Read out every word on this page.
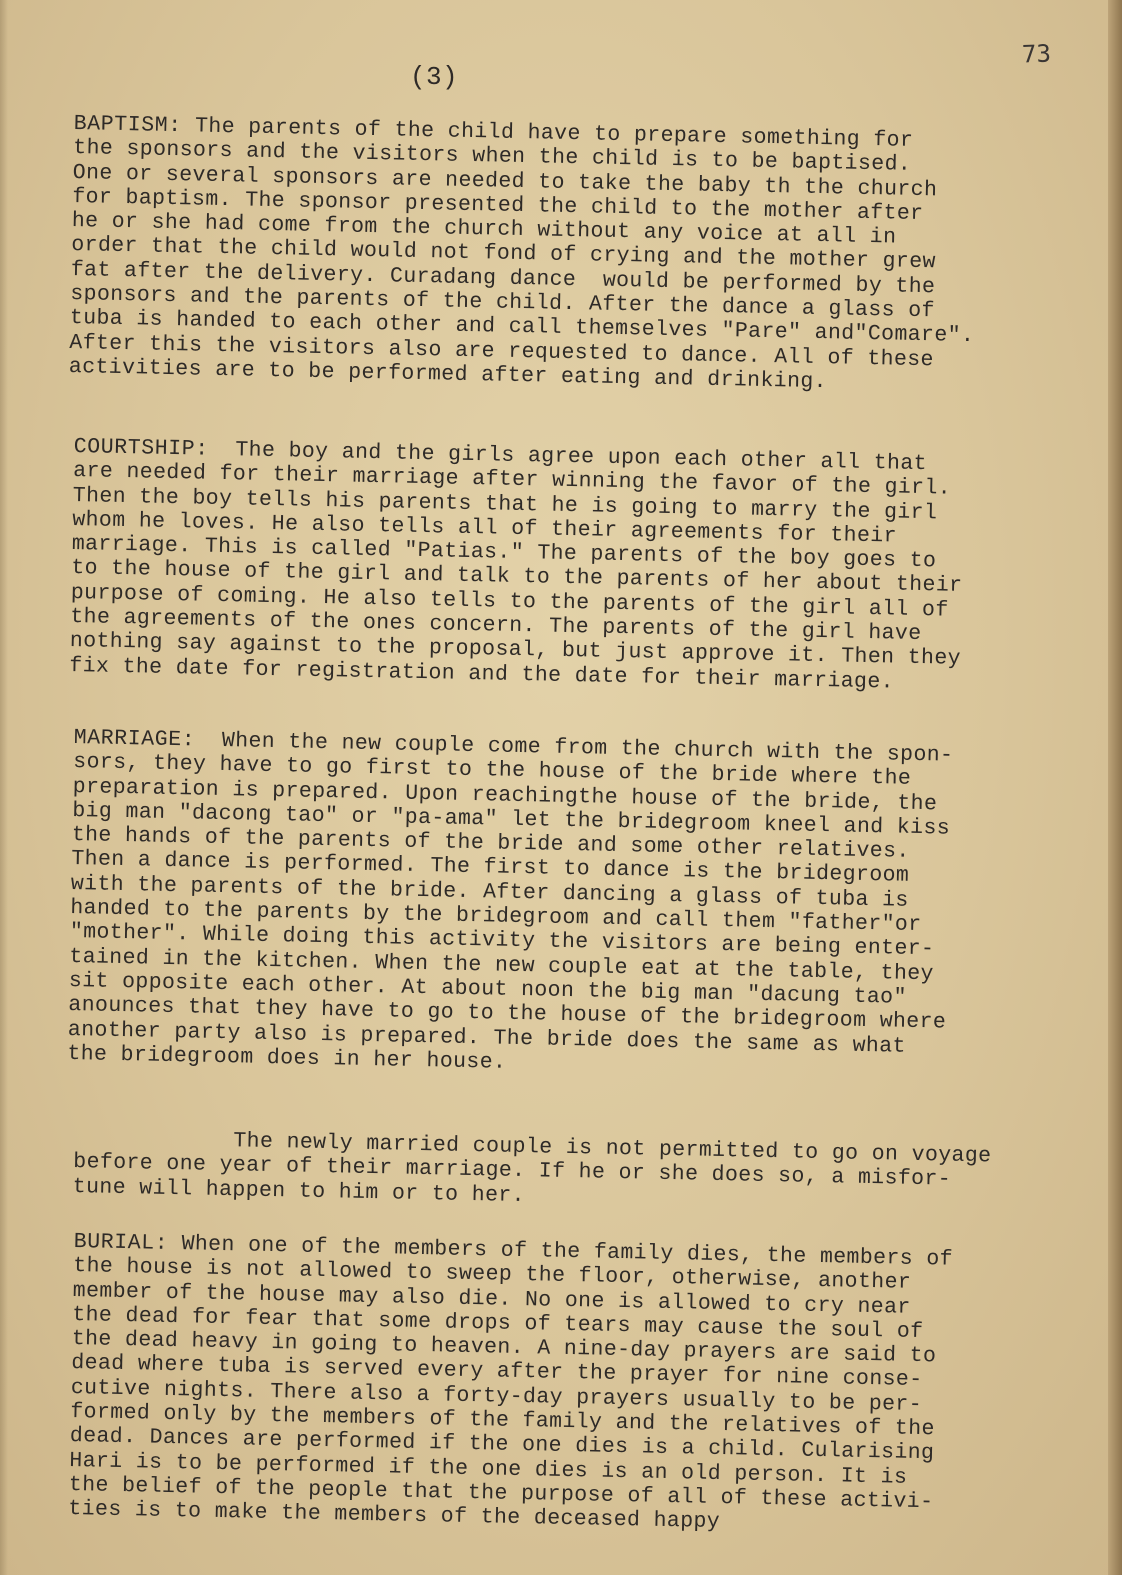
73
(3)
BAPTISM: The parents of the child have to prepare something for
the sponsors and the visitors when the child is to be baptised.
One or several sponsors are needed to take the baby th the church
for baptism. The sponsor presented the child to the mother after
he or she had come from the church without any voice at all in
order that the child would not fond of crying and the mother grew
fat after the delivery. Curadang dance  would be performed by the
sponsors and the parents of the child. After the dance a glass of
tuba is handed to each other and call themselves "Pare" and"Comare".
After this the visitors also are requested to dance. All of these
activities are to be performed after eating and drinking.
COURTSHIP:  The boy and the girls agree upon each other all that
are needed for their marriage after winning the favor of the girl.
Then the boy tells his parents that he is going to marry the girl
whom he loves. He also tells all of their agreements for their
marriage. This is called "Patias." The parents of the boy goes to
to the house of the girl and talk to the parents of her about their
purpose of coming. He also tells to the parents of the girl all of
the agreements of the ones concern. The parents of the girl have
nothing say against to the proposal, but just approve it. Then they
fix the date for registration and the date for their marriage.
MARRIAGE:  When the new couple come from the church with the spon-
sors, they have to go first to the house of the bride where the
preparation is prepared. Upon reachingthe house of the bride, the
big man "dacong tao" or "pa-ama" let the bridegroom kneel and kiss
the hands of the parents of the bride and some other relatives.
Then a dance is performed. The first to dance is the bridegroom
with the parents of the bride. After dancing a glass of tuba is
handed to the parents by the bridegroom and call them "father"or
"mother". While doing this activity the visitors are being enter-
tained in the kitchen. When the new couple eat at the table, they
sit opposite each other. At about noon the big man "dacung tao"
anounces that they have to go to the house of the bridegroom where
another party also is prepared. The bride does the same as what
the bridegroom does in her house.
The newly married couple is not permitted to go on voyage
before one year of their marriage. If he or she does so, a misfor-
tune will happen to him or to her.
BURIAL: When one of the members of the family dies, the members of
the house is not allowed to sweep the floor, otherwise, another
member of the house may also die. No one is allowed to cry near
the dead for fear that some drops of tears may cause the soul of
the dead heavy in going to heaven. A nine-day prayers are said to
dead where tuba is served every after the prayer for nine conse-
cutive nights. There also a forty-day prayers usually to be per-
formed only by the members of the family and the relatives of the
dead. Dances are performed if the one dies is a child. Cularising
Hari is to be performed if the one dies is an old person. It is
the belief of the people that the purpose of all of these activi-
ties is to make the members of the deceased happy
